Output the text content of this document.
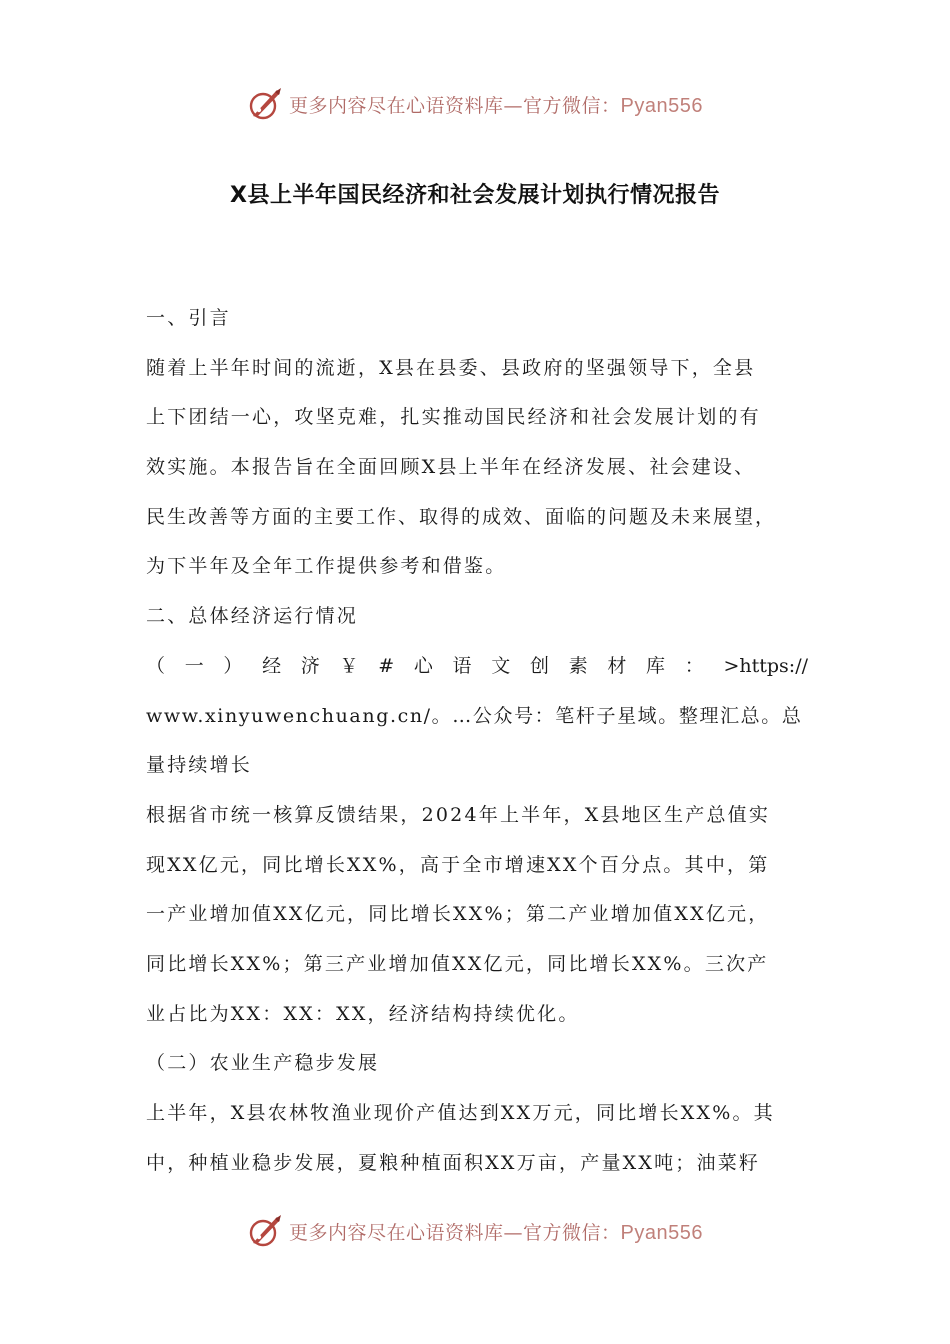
更多内容尽在心语资料库—官方微信：Pyan556
X县上半年国民经济和社会发展计划执行情况报告
一、引言
随着上半年时间的流逝，X县在县委、县政府的坚强领导下，全县
上下团结一心，攻坚克难，扎实推动国民经济和社会发展计划的有
效实施。本报告旨在全面回顾X县上半年在经济发展、社会建设、
民生改善等方面的主要工作、取得的成效、面临的问题及未来展望，
为下半年及全年工作提供参考和借鉴。
二、总体经济运行情况
（一）经济￥#心语文创素材库：>https://
www.xinyuwenchuang.cn/。…公众号：笔杆子星域。整理汇总。总
量持续增长
根据省市统一核算反馈结果，2024年上半年，X县地区生产总值实
现XX亿元，同比增长XX%，高于全市增速XX个百分点。其中，第
一产业增加值XX亿元，同比增长XX%；第二产业增加值XX亿元，
同比增长XX%；第三产业增加值XX亿元，同比增长XX%。三次产
业占比为XX：XX：XX，经济结构持续优化。
（二）农业生产稳步发展
上半年，X县农林牧渔业现价产值达到XX万元，同比增长XX%。其
中，种植业稳步发展，夏粮种植面积XX万亩，产量XX吨；油菜籽
更多内容尽在心语资料库—官方微信：Pyan556
